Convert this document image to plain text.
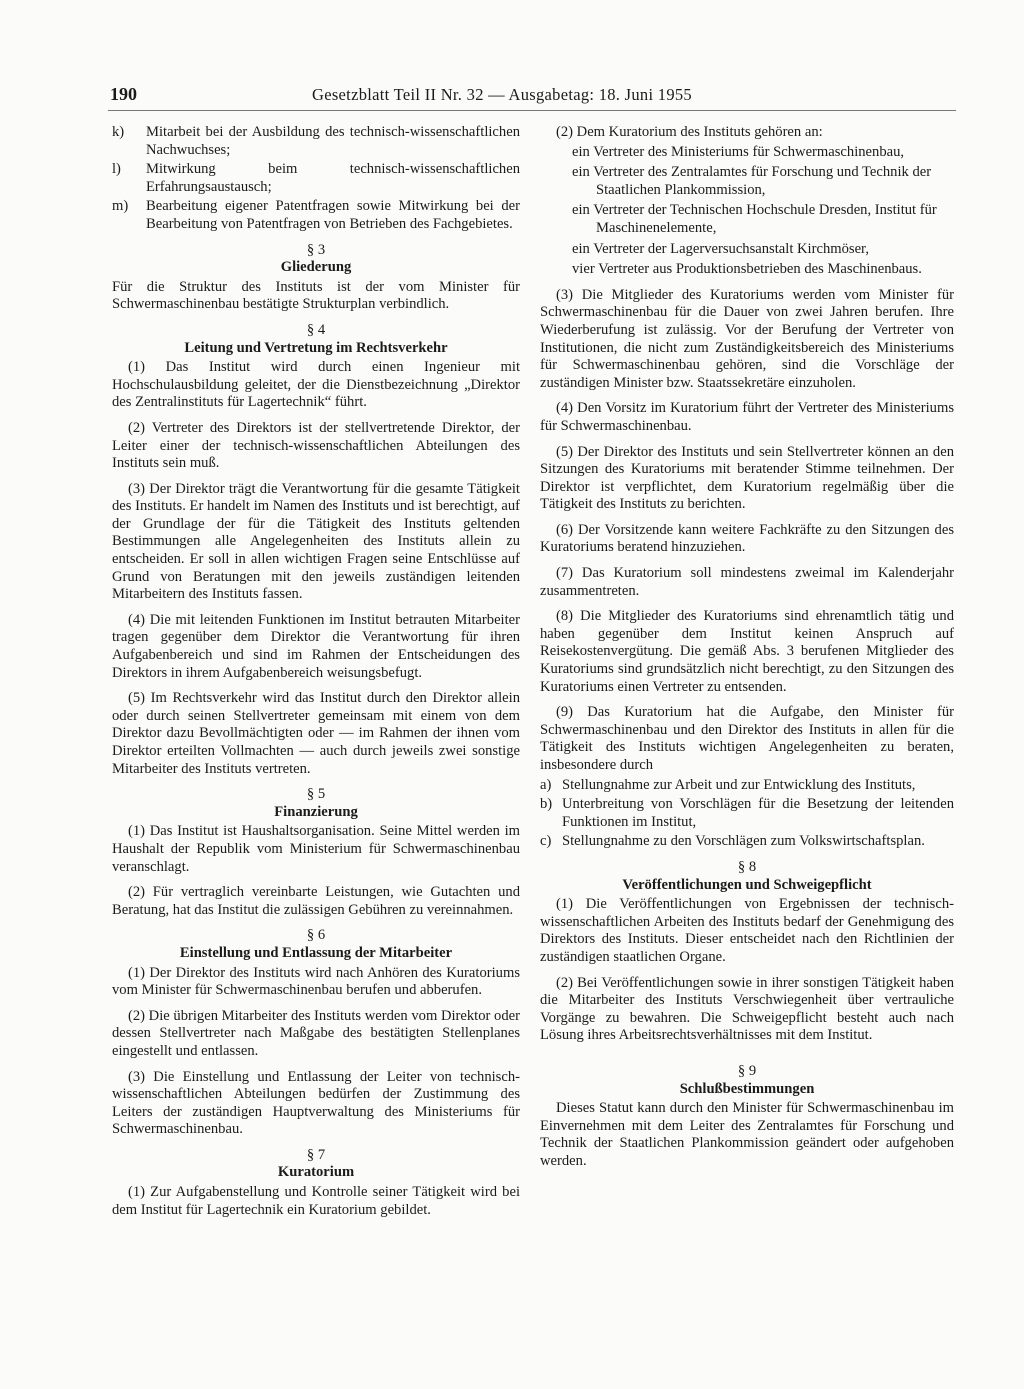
190	Gesetzblatt Teil II Nr. 32 — Ausgabetag: 18. Juni 1955
k)	Mitarbeit bei der Ausbildung des technisch-wissenschaftlichen Nachwuchses;
l)	Mitwirkung beim technisch-wissenschaftlichen Erfahrungsaustausch;
m)	Bearbeitung eigener Patentfragen sowie Mitwirkung bei der Bearbeitung von Patentfragen von Betrieben des Fachgebietes.
§ 3
Gliederung

Für die Struktur des Instituts ist der vom Minister für Schwermaschinenbau bestätigte Strukturplan verbindlich.

§ 4
Leitung und Vertretung im Rechtsverkehr

(1) Das Institut wird durch einen Ingenieur mit Hochschulausbildung geleitet, der die Dienstbezeichnung „Direktor des Zentralinstituts für Lagertechnik“ führt.

(2) Vertreter des Direktors ist der stellvertretende Direktor, der Leiter einer der technisch-wissenschaftlichen Abteilungen des Instituts sein muß.

(3) Der Direktor trägt die Verantwortung für die gesamte Tätigkeit des Instituts. Er handelt im Namen des Instituts und ist berechtigt, auf der Grundlage der für die Tätigkeit des Instituts geltenden Bestimmungen alle Angelegenheiten des Instituts allein zu entscheiden. Er soll in allen wichtigen Fragen seine Entschlüsse auf Grund von Beratungen mit den jeweils zuständigen leitenden Mitarbeitern des Instituts fassen.

(4) Die mit leitenden Funktionen im Institut betrauten Mitarbeiter tragen gegenüber dem Direktor die Verantwortung für ihren Aufgabenbereich und sind im Rahmen der Entscheidungen des Direktors in ihrem Aufgabenbereich weisungsbefugt.

(5) Im Rechtsverkehr wird das Institut durch den Direktor allein oder durch seinen Stellvertreter gemeinsam mit einem von dem Direktor dazu Bevollmächtigten oder — im Rahmen der ihnen vom Direktor erteilten Vollmachten — auch durch jeweils zwei sonstige Mitarbeiter des Instituts vertreten.

§ 5
Finanzierung

(1) Das Institut ist Haushaltsorganisation. Seine Mittel werden im Haushalt der Republik vom Ministerium für Schwermaschinenbau veranschlagt.

(2) Für vertraglich vereinbarte Leistungen, wie Gutachten und Beratung, hat das Institut die zulässigen Gebühren zu vereinnahmen.

§ 6
Einstellung und Entlassung der Mitarbeiter

(1) Der Direktor des Instituts wird nach Anhören des Kuratoriums vom Minister für Schwermaschinenbau berufen und abberufen.

(2) Die übrigen Mitarbeiter des Instituts werden vom Direktor oder dessen Stellvertreter nach Maßgabe des bestätigten Stellenplanes eingestellt und entlassen.

(3) Die Einstellung und Entlassung der Leiter von technisch-wissenschaftlichen Abteilungen bedürfen der Zustimmung des Leiters der zuständigen Hauptverwaltung des Ministeriums für Schwermaschinenbau.

§ 7
Kuratorium

(1) Zur Aufgabenstellung und Kontrolle seiner Tätigkeit wird bei dem Institut für Lagertechnik ein Kuratorium gebildet.

(2) Dem Kuratorium des Instituts gehören an:

ein Vertreter des Ministeriums für Schwermaschinenbau,
ein Vertreter des Zentralamtes für Forschung und Technik der Staatlichen Plankommission,
ein Vertreter der Technischen Hochschule Dresden, Institut für Maschinenelemente,
ein Vertreter der Lagerversuchsanstalt Kirchmöser,
vier Vertreter aus Produktionsbetrieben des Maschinenbaus.

(3) Die Mitglieder des Kuratoriums werden vom Minister für Schwermaschinenbau für die Dauer von zwei Jahren berufen. Ihre Wiederberufung ist zulässig. Vor der Berufung der Vertreter von Institutionen, die nicht zum Zuständigkeitsbereich des Ministeriums für Schwermaschinenbau gehören, sind die Vorschläge der zuständigen Minister bzw. Staatssekretäre einzuholen.

(4) Den Vorsitz im Kuratorium führt der Vertreter des Ministeriums für Schwermaschinenbau.

(5) Der Direktor des Instituts und sein Stellvertreter können an den Sitzungen des Kuratoriums mit beratender Stimme teilnehmen. Der Direktor ist verpflichtet, dem Kuratorium regelmäßig über die Tätigkeit des Instituts zu berichten.

(6) Der Vorsitzende kann weitere Fachkräfte zu den Sitzungen des Kuratoriums beratend hinzuziehen.

(7) Das Kuratorium soll mindestens zweimal im Kalenderjahr zusammentreten.

(8) Die Mitglieder des Kuratoriums sind ehrenamtlich tätig und haben gegenüber dem Institut keinen Anspruch auf Reisekostenvergütung. Die gemäß Abs. 3 berufenen Mitglieder des Kuratoriums sind grundsätzlich nicht berechtigt, zu den Sitzungen des Kuratoriums einen Vertreter zu entsenden.

(9) Das Kuratorium hat die Aufgabe, den Minister für Schwermaschinenbau und den Direktor des Instituts in allen für die Tätigkeit des Instituts wichtigen Angelegenheiten zu beraten, insbesondere durch

a) Stellungnahme zur Arbeit und zur Entwicklung des Instituts,
b) Unterbreitung von Vorschlägen für die Besetzung der leitenden Funktionen im Institut,
c) Stellungnahme zu den Vorschlägen zum Volkswirtschaftsplan.
§ 8
Veröffentlichungen und Schweigepflicht

(1) Die Veröffentlichungen von Ergebnissen der technisch-wissenschaftlichen Arbeiten des Instituts bedarf der Genehmigung des Direktors des Instituts. Dieser entscheidet nach den Richtlinien der zuständigen staatlichen Organe.

(2) Bei Veröffentlichungen sowie in ihrer sonstigen Tätigkeit haben die Mitarbeiter des Instituts Verschwiegenheit über vertrauliche Vorgänge zu bewahren. Die Schweigepflicht besteht auch nach Lösung ihres Arbeitsrechtsverhältnisses mit dem Institut.

§ 9
Schlußbestimmungen

Dieses Statut kann durch den Minister für Schwermaschinenbau im Einvernehmen mit dem Leiter des Zentralamtes für Forschung und Technik der Staatlichen Plankommission geändert oder aufgehoben werden.
